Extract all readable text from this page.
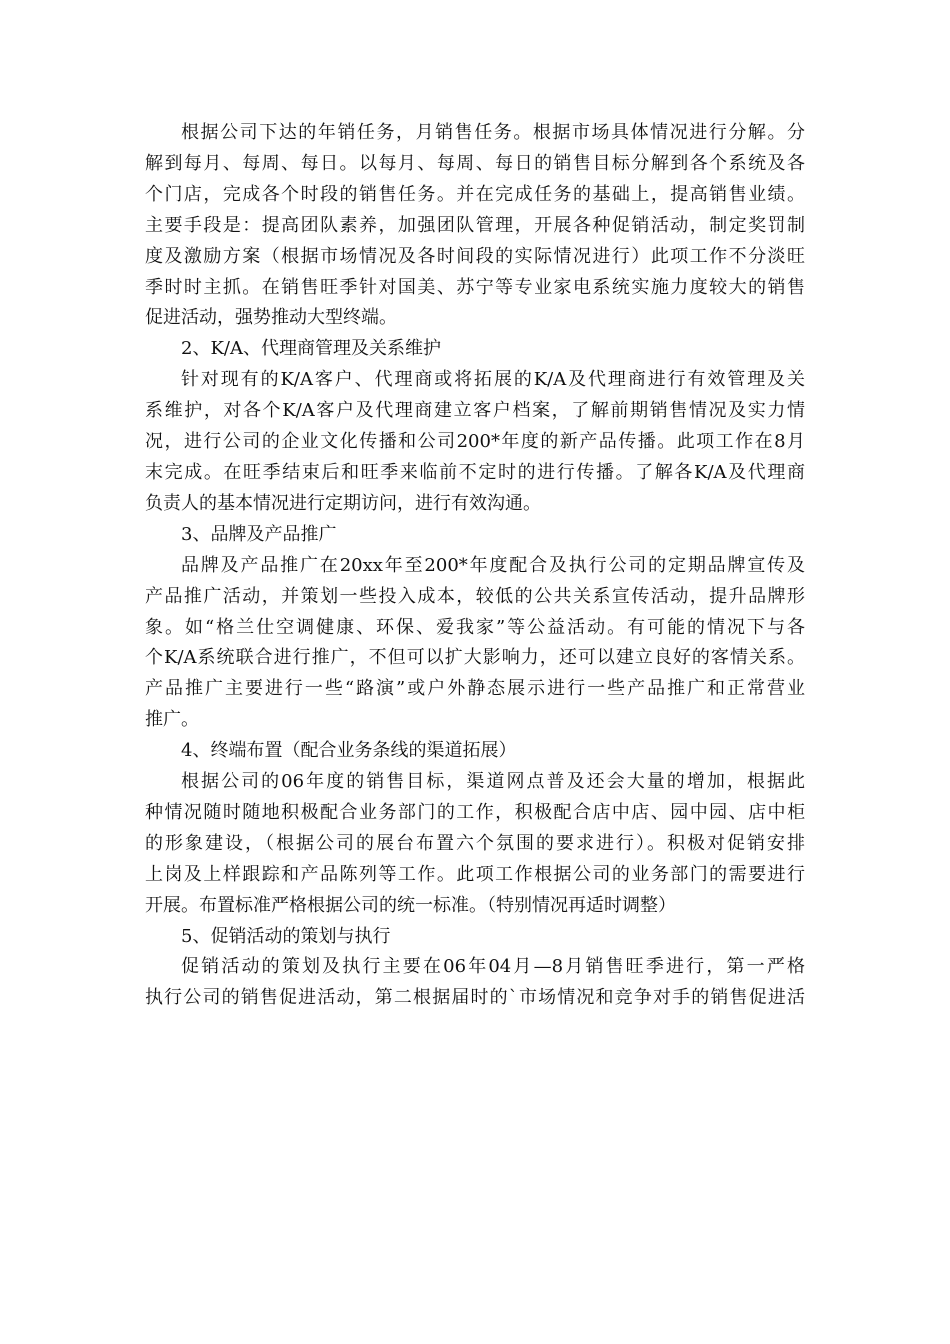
根据公司下达的年销任务，月销售任务。根据市场具体情况进行分解。分
解到每月、每周、每日。以每月、每周、每日的销售目标分解到各个系统及各
个门店，完成各个时段的销售任务。并在完成任务的基础上，提高销售业绩。
主要手段是：提高团队素养，加强团队管理，开展各种促销活动，制定奖罚制
度及激励方案（根据市场情况及各时间段的实际情况进行）此项工作不分淡旺
季时时主抓。在销售旺季针对国美、苏宁等专业家电系统实施力度较大的销售
促进活动，强势推动大型终端。
2、K/A、代理商管理及关系维护
针对现有的K/A客户、代理商或将拓展的K/A及代理商进行有效管理及关
系维护，对各个K/A客户及代理商建立客户档案，了解前期销售情况及实力情
况，进行公司的企业文化传播和公司200*年度的新产品传播。此项工作在8月
末完成。在旺季结束后和旺季来临前不定时的进行传播。了解各K/A及代理商
负责人的基本情况进行定期访问，进行有效沟通。
3、品牌及产品推广
品牌及产品推广在20xx年至200*年度配合及执行公司的定期品牌宣传及
产品推广活动，并策划一些投入成本，较低的公共关系宣传活动，提升品牌形
象。如“格兰仕空调健康、环保、爱我家”等公益活动。有可能的情况下与各
个K/A系统联合进行推广，不但可以扩大影响力，还可以建立良好的客情关系。
产品推广主要进行一些“路演”或户外静态展示进行一些产品推广和正常营业
推广。
4、终端布置（配合业务条线的渠道拓展）
根据公司的06年度的销售目标，渠道网点普及还会大量的增加，根据此
种情况随时随地积极配合业务部门的工作，积极配合店中店、园中园、店中柜
的形象建设，（根据公司的展台布置六个氛围的要求进行）。积极对促销安排
上岗及上样跟踪和产品陈列等工作。此项工作根据公司的业务部门的需要进行
开展。布置标准严格根据公司的统一标准。（特别情况再适时调整）
5、促销活动的策划与执行
促销活动的策划及执行主要在06年04月—8月销售旺季进行，第一严格
执行公司的销售促进活动，第二根据届时的`市场情况和竞争对手的销售促进活
